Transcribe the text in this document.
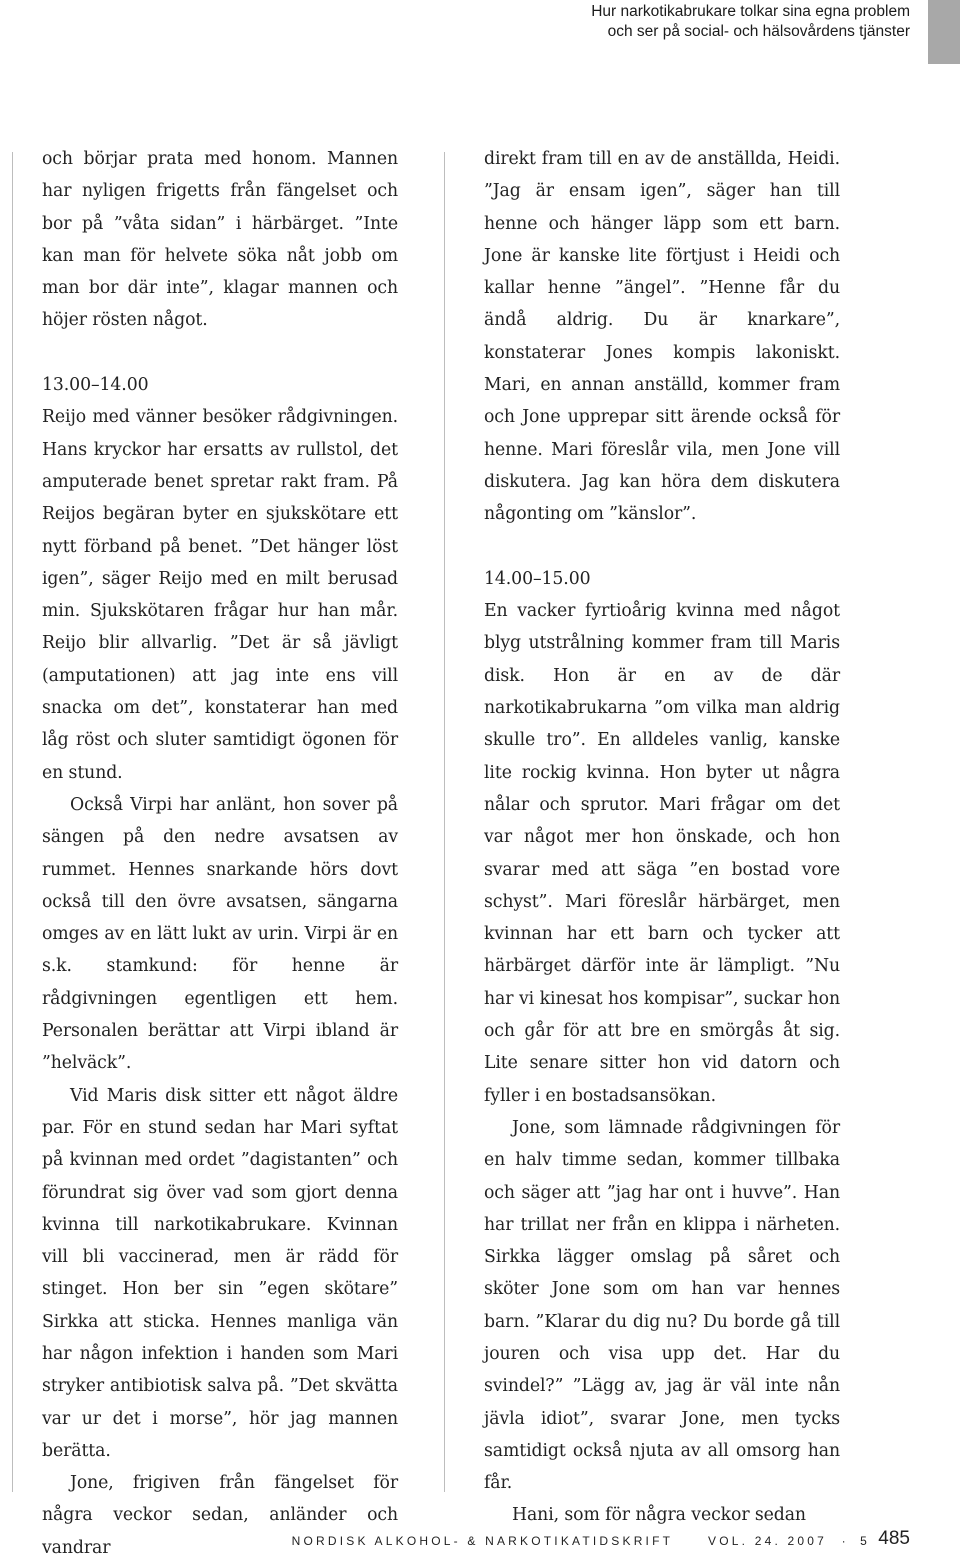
Hur narkotikabrukare tolkar sina egna problem
och ser på social- och hälsovårdens tjänster

och börjar prata med honom. Mannen har nyligen frigetts från fängelset och bor på ”våta sidan” i härbärget. ”Inte kan man för helvete söka nåt jobb om man bor där inte”, klagar mannen och höjer rösten något.

13.00–14.00

Reijo med vänner besöker rådgivningen. Hans kryckor har ersatts av rullstol, det amputerade benet spretar rakt fram. På Reijos begäran byter en sjukskötare ett nytt förband på benet. ”Det hänger löst igen”, säger Reijo med en milt berusad min. Sjukskötaren frågar hur han mår. Reijo blir allvarlig. ”Det är så jävligt (amputationen) att jag inte ens vill snacka om det”, konstaterar han med låg röst och sluter samtidigt ögonen för en stund.

Också Virpi har anlänt, hon sover på sängen på den nedre avsatsen av rummet. Hennes snarkande hörs dovt också till den övre avsatsen, sängarna omges av en lätt lukt av urin. Virpi är en s.k. stamkund: för henne är rådgivningen egentligen ett hem. Personalen berättar att Virpi ibland är ”helväck”.

Vid Maris disk sitter ett något äldre par. För en stund sedan har Mari syftat på kvinnan med ordet ”dagistanten” och förundrat sig över vad som gjort denna kvinna till narkotikabrukare. Kvinnan vill bli vaccinerad, men är rädd för stinget. Hon ber sin ”egen skötare” Sirkka att sticka. Hennes manliga vän har någon infektion i handen som Mari stryker antibiotisk salva på. ”Det skvätta var ur det i morse”, hör jag mannen berätta.

Jone, frigiven från fängelset för några veckor sedan, anländer och vandrar

direkt fram till en av de anställda, Heidi. ”Jag är ensam igen”, säger han till henne och hänger läpp som ett barn. Jone är kanske lite förtjust i Heidi och kallar henne ”ängel”. ”Henne får du ändå aldrig. Du är knarkare”, konstaterar Jones kompis lakoniskt. Mari, en annan anställd, kommer fram och Jone upprepar sitt ärende också för henne. Mari föreslår vila, men Jone vill diskutera. Jag kan höra dem diskutera någonting om ”känslor”.

14.00–15.00

En vacker fyrtioårig kvinna med något blyg utstrålning kommer fram till Maris disk. Hon är en av de där narkotikabrukarna ”om vilka man aldrig skulle tro”. En alldeles vanlig, kanske lite rockig kvinna. Hon byter ut några nålar och sprutor. Mari frågar om det var något mer hon önskade, och hon svarar med att säga ”en bostad vore schyst”. Mari föreslår härbärget, men kvinnan har ett barn och tycker att härbärget därför inte är lämpligt. ”Nu har vi kinesat hos kompisar”, suckar hon och går för att bre en smörgås åt sig. Lite senare sitter hon vid datorn och fyller i en bostadsansökan.

Jone, som lämnade rådgivningen för en halv timme sedan, kommer tillbaka och säger att ”jag har ont i huvve”. Han har trillat ner från en klippa i närheten. Sirkka lägger omslag på såret och sköter Jone som om han var hennes barn. ”Klarar du dig nu? Du borde gå till jouren och visa upp det. Har du svindel?” ”Lägg av, jag är väl inte nån jävla idiot”, svarar Jone, men tycks samtidigt också njuta av all omsorg han får.

Hani, som för några veckor sedan

NORDISK ALKOHOL- & NARKOTIKATIDSKRIFT	VOL. 24. 2007 · 5 485
